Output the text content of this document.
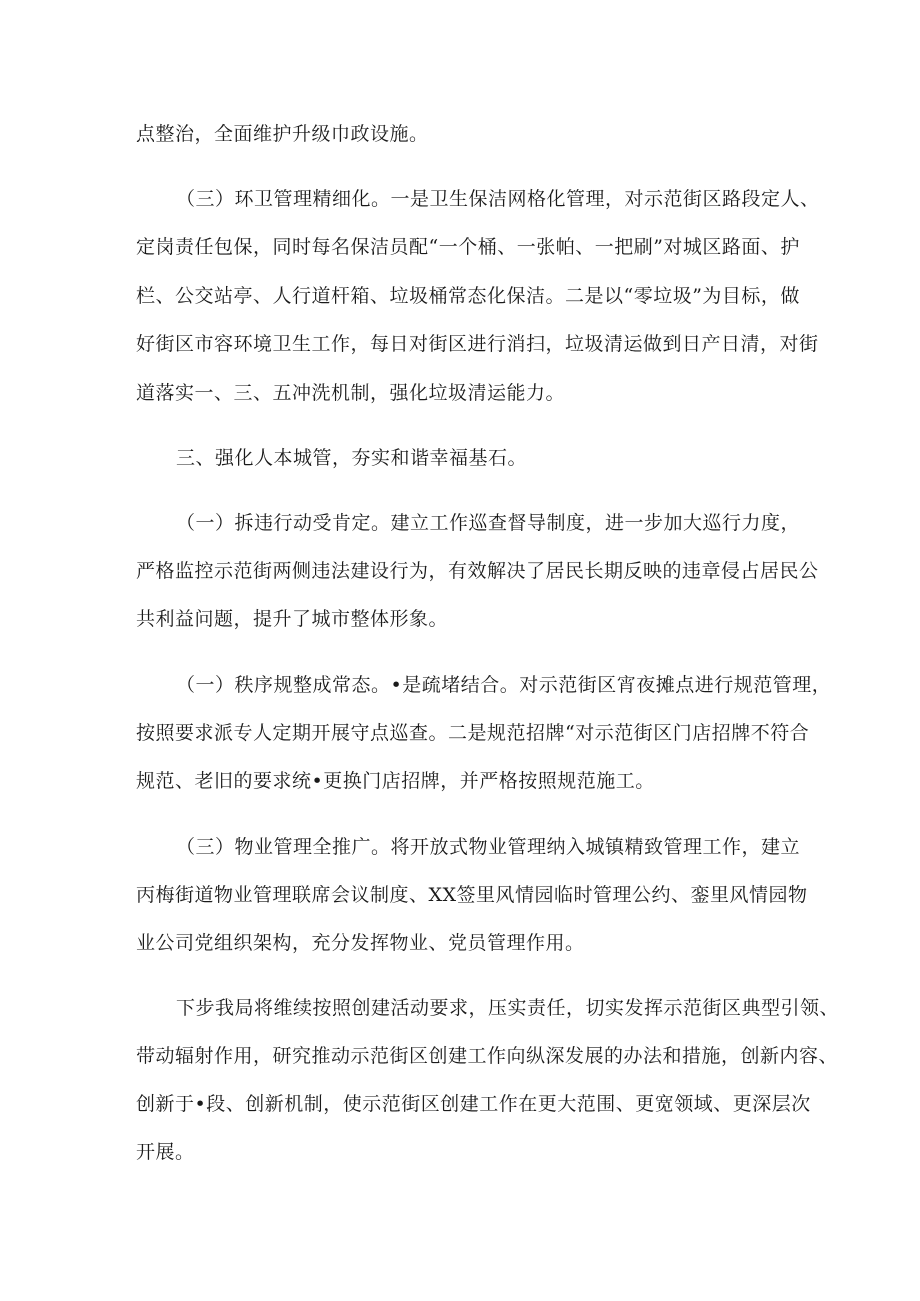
点整治，全面维护升级巾政设施。
（三）环卫管理精细化。一是卫生保洁网格化管理，对示范街区路段定人、
定岗责任包保，同时每名保洁员配“一个桶、一张帕、一把刷”对城区路面、护
栏、公交站亭、人行道杆箱、垃圾桶常态化保洁。二是以“零垃圾”为目标，做
好街区市容环境卫生工作，每日对街区进行消扫，垃圾清运做到日产日清，对街
道落实一、三、五冲洗机制，强化垃圾清运能力。
三、强化人本城管，夯实和谐幸福基石。
（一）拆违行动受肯定。建立工作巡查督导制度，进一步加大巡行力度，
严格监控示范街两侧违法建设行为，有效解决了居民长期反映的违章侵占居民公
共利益问题，提升了城市整体形象。
（一）秩序规整成常态。•是疏堵结合。对示范街区宵夜摊点进行规范管理，
按照要求派专人定期开展守点巡查。二是规范招牌“对示范街区门店招牌不符合
规范、老旧的要求统•更换门店招牌，并严格按照规范施工。
（三）物业管理全推广。将开放式物业管理纳入城镇精致管理工作，建立
丙梅街道物业管理联席会议制度、XX签里风情园临时管理公约、銮里风情园物
业公司党组织架构，充分发挥物业、党员管理作用。
下步我局将维续按照创建活动要求，压实责任，切实发挥示范街区典型引领、
带动辐射作用，研究推动示范街区创建工作向纵深发展的办法和措施，创新内容、
创新于•段、创新机制，使示范街区创建工作在更大范围、更宽领域、更深层次
开展。
